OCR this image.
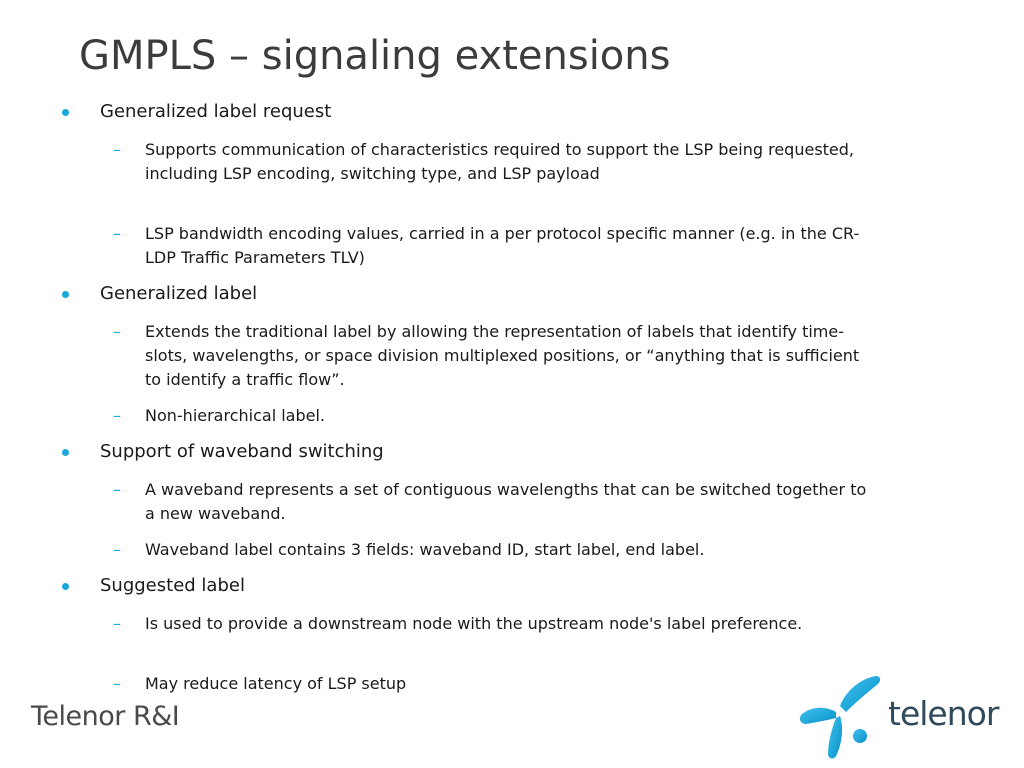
GMPLS – signaling extensions
Generalized label request
– Supports communication of characteristics required to support the LSP being requested, including LSP encoding, switching type, and LSP payload
– LSP bandwidth encoding values, carried in a per protocol specific manner (e.g. in the CR-LDP Traffic Parameters TLV)
Generalized label
– Extends the traditional label by allowing the representation of labels that identify time-slots, wavelengths, or space division multiplexed positions, or “anything that is sufficient to identify a traffic flow”.
– Non-hierarchical label.
Support of waveband switching
– A waveband represents a set of contiguous wavelengths that can be switched together to a new waveband.
– Waveband label contains 3 fields: waveband ID, start label, end label.
Suggested label
– Is used to provide a downstream node with the upstream node's label preference.
– May reduce latency of LSP setup
Telenor R&I	telenor
